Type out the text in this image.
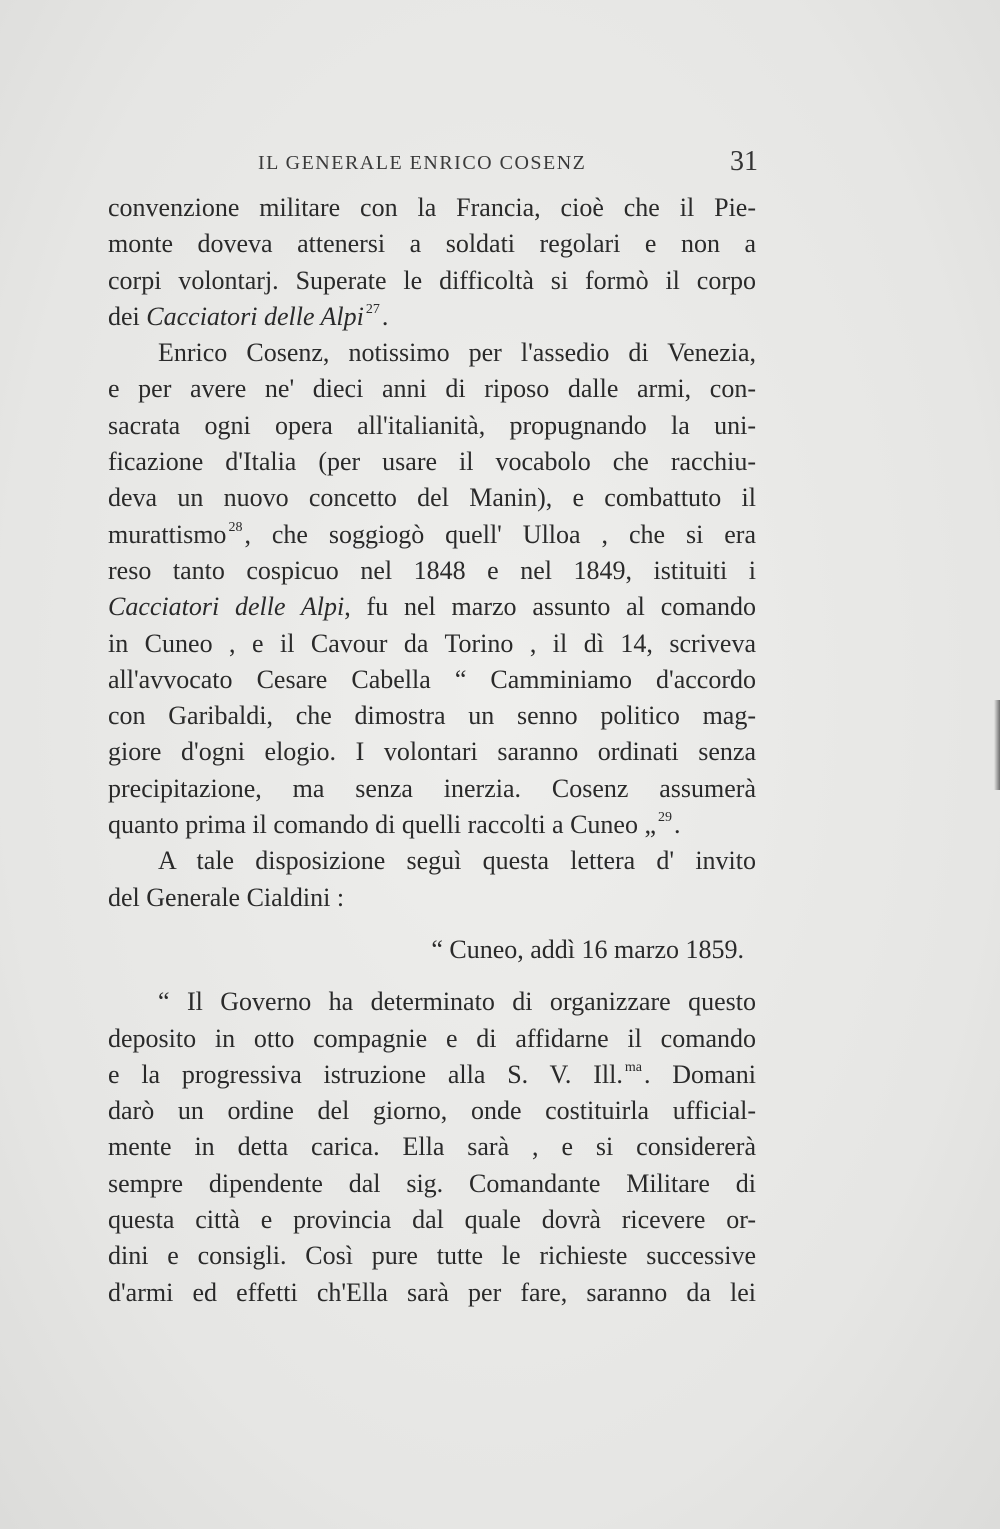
IL GENERALE ENRICO COSENZ	31
convenzione militare con la Francia, cioè che il Pie-
monte doveva attenersi a soldati regolari e non a
corpi volontarj. Superate le difficoltà si formò il corpo
dei Cacciatori delle Alpi $^{27}$.
Enrico Cosenz, notissimo per l'assedio di Venezia,
e per avere ne' dieci anni di riposo dalle armi, con-
sacrata ogni opera all'italianità, propugnando la uni-
ficazione d'Italia (per usare il vocabolo che racchiu-
deva un nuovo concetto del Manin), e combattuto il
murattismo $^{28}$, che soggiogò quell' Ulloa , che si era
reso tanto cospicuo nel 1848 e nel 1849, istituiti i
Cacciatori delle Alpi, fu nel marzo assunto al comando
in Cuneo , e il Cavour da Torino , il dì 14, scriveva
all'avvocato Cesare Cabella “ Camminiamo d'accordo
con Garibaldi, che dimostra un senno politico mag-
giore d'ogni elogio. I volontari saranno ordinati senza
precipitazione, ma senza inerzia. Cosenz assumerà
quanto prima il comando di quelli raccolti a Cuneo „ $^{29}$.
A tale disposizione seguì questa lettera d' invito
del Generale Cialdini :
“ Cuneo, addì 16 marzo 1859.
“ Il Governo ha determinato di organizzare questo
deposito in otto compagnie e di affidarne il comando
e la progressiva istruzione alla S. V. Ill. $^{ma}$. Domani
darò un ordine del giorno, onde costituirla ufficial-
mente in detta carica. Ella sarà , e si considererà
sempre dipendente dal sig. Comandante Militare di
questa città e provincia dal quale dovrà ricevere or-
dini e consigli. Così pure tutte le richieste successive
d'armi ed effetti ch'Ella sarà per fare, saranno da lei
